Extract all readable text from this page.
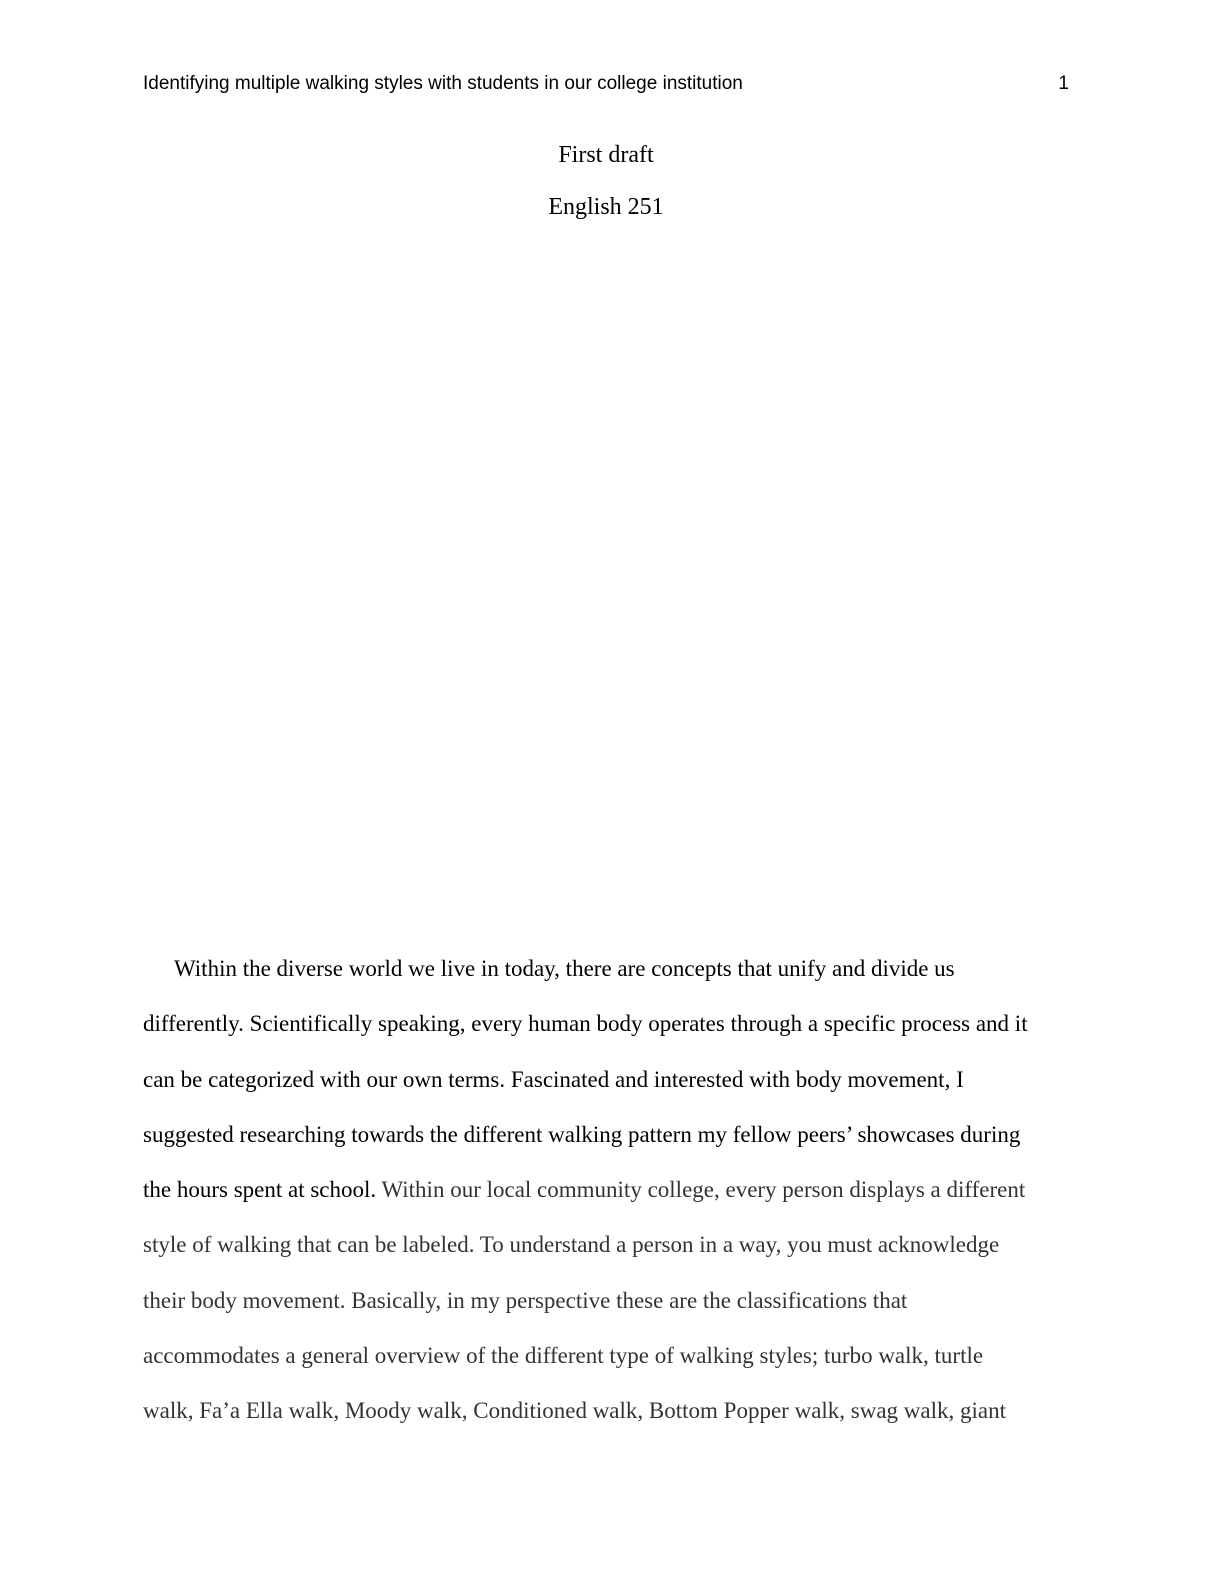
Identifying multiple walking styles with students in our college institution	1
First draft
English 251
Within the diverse world we live in today, there are concepts that unify and divide us
differently. Scientifically speaking, every human body operates through a specific process and it
can be categorized with our own terms. Fascinated and interested with body movement, I
suggested researching towards the different walking pattern my fellow peers’ showcases during
the hours spent at school. Within our local community college, every person displays a different
style of walking that can be labeled. To understand a person in a way, you must acknowledge
their body movement. Basically, in my perspective these are the classifications that
accommodates a general overview of the different type of walking styles; turbo walk, turtle
walk, Fa’a Ella walk, Moody walk, Conditioned walk, Bottom Popper walk, swag walk, giant
